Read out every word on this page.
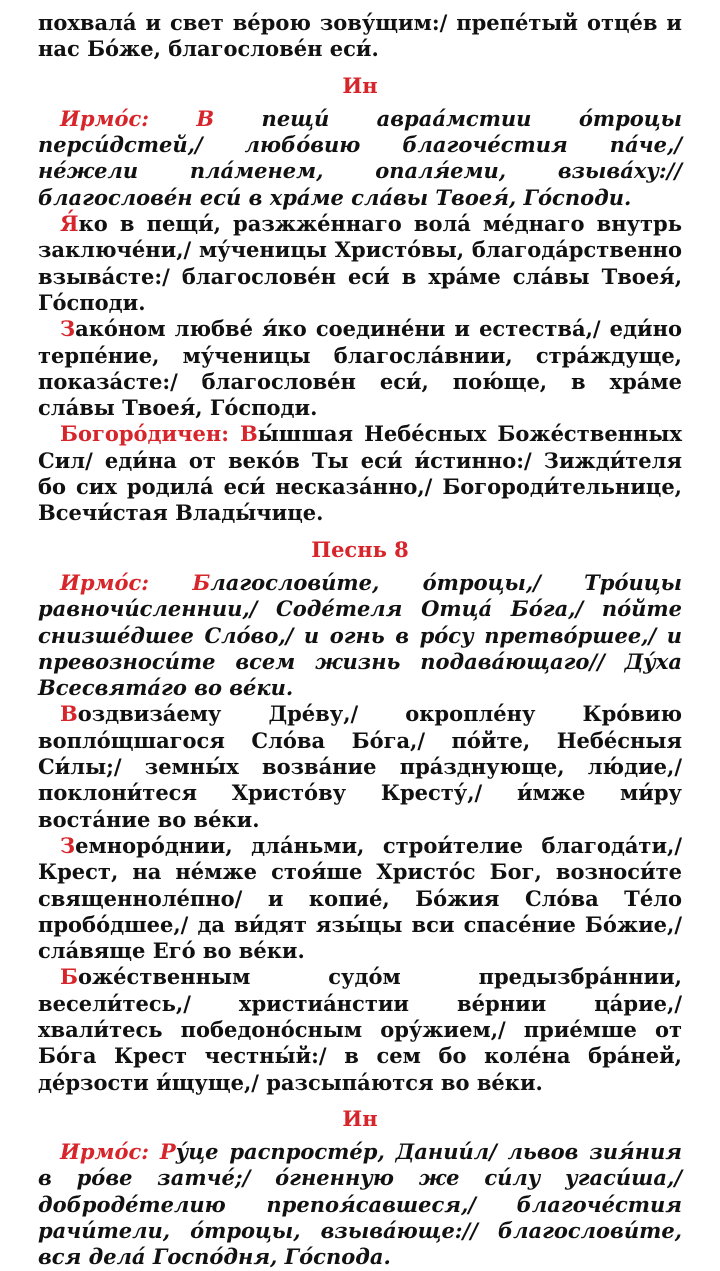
похвала́ и свет ве́рою зову́щим:/ препе́тый отце́в и нас Бо́же, благослове́н еси́.

Ин

Ирмо́с: В пещи́ авраа́мстии о́троцы перси́дстей,/ любо́вию благоче́стия па́че,/ не́жели пла́менем, опаля́еми, взыва́ху:// благослове́н еси́ в хра́ме сла́вы Твоея́, Го́споди.

Я́ко в пещи́, разжже́ннаго вола́ ме́днаго внутрь заключе́ни,/ му́ченицы Христо́вы, благода́рственно взыва́сте:/ благослове́н еси́ в хра́ме сла́вы Твоея́, Го́споди.

Зако́ном любве́ я́ко соедине́ни и естества́,/ еди́но терпе́ние, му́ченицы благосла́внии, стра́ждуще, показа́сте:/ благослове́н еси́, пою́ще, в хра́ме сла́вы Твоея́, Го́споди.

Богоро́дичен: Вы́шшая Небе́сных Боже́ственных Сил/ еди́на от веко́в Ты еси́ и́стинно:/ Зижди́теля бо сих родила́ еси́ несказа́нно,/ Богороди́тельнице, Всечи́стая Влады́чице.

Песнь 8

Ирмо́с: Благослови́те, о́троцы,/ Тро́ицы равночи́сленнии,/ Соде́теля Отца́ Бо́га,/ по́йте снизше́дшее Сло́во,/ и огнь в ро́су претво́ршее,/ и превозноси́те всем жизнь подава́ющаго// Ду́ха Всесвята́го во ве́ки.

Воздвиза́ему Дре́ву,/ окропле́ну Кро́вию вопло́щшагося Сло́ва Бо́га,/ по́йте, Небе́сныя Си́лы;/ земны́х возва́ние пра́зднующе, лю́дие,/ поклони́теся Христо́ву Кресту́,/ и́мже ми́ру воста́ние во ве́ки.

Земноро́днии, дла́ньми, строи́телие благода́ти,/ Крест, на не́мже стоя́ше Христо́с Бог, возноси́те священноле́пно/ и копие́, Бо́жия Сло́ва Те́ло пробо́дшее,/ да ви́дят язы́цы вси спасе́ние Бо́жие,/ сла́вяще Его́ во ве́ки.

Боже́ственным судо́м предызбра́ннии, весели́тесь,/ христиа́нстии ве́рнии ца́рие,/ хвали́тесь победоно́сным ору́жием,/ прие́мше от Бо́га Крест честны́й:/ в сем бо коле́на бра́ней, де́рзости и́щуще,/ разсыпа́ются во ве́ки.

Ин

Ирмо́с: Ру́це распросте́р, Дании́л/ львов зия́ния в ро́ве затче́;/ о́гненную же си́лу угаси́ша,/ доброде́телию препоя́савшеся,/ благоче́стия рачи́тели, о́троцы, взыва́юще:// благослови́те, вся дела́ Госпо́дня, Го́спода.
